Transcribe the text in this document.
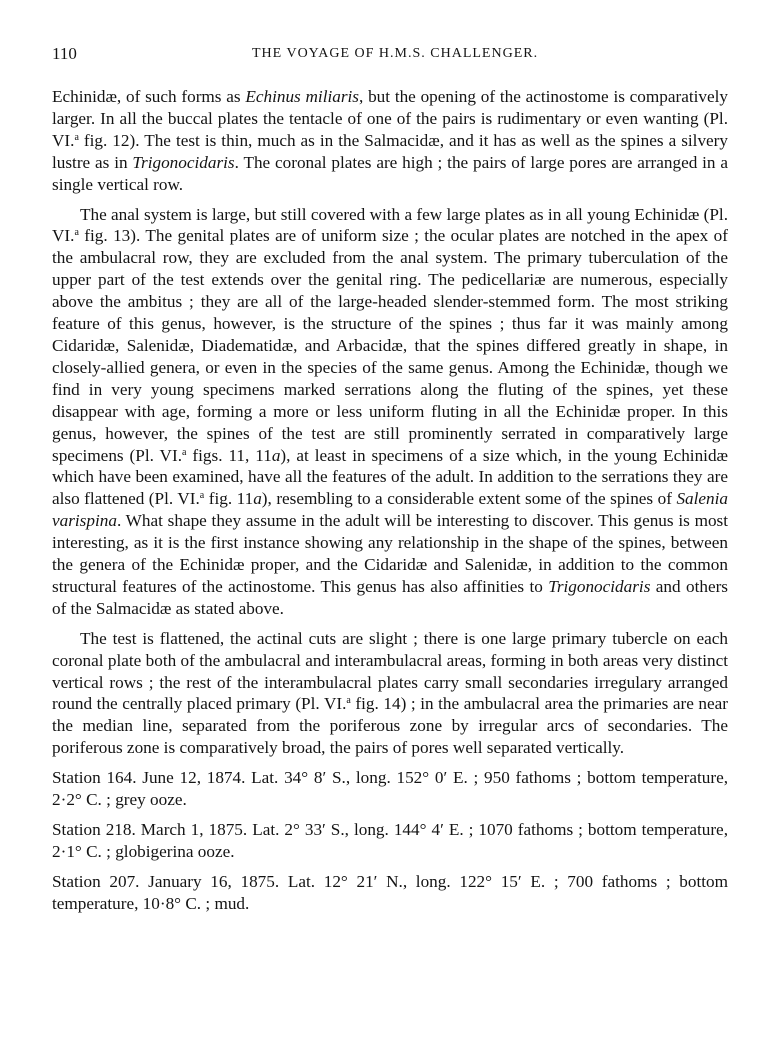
110	THE VOYAGE OF H.M.S. CHALLENGER.

Echinidæ, of such forms as Echinus miliaris, but the opening of the actinostome is comparatively larger. In all the buccal plates the tentacle of one of the pairs is rudimentary or even wanting (Pl. VI.$^a$ fig. 12). The test is thin, much as in the Salmacidæ, and it has as well as the spines a silvery lustre as in Trigonocidaris. The coronal plates are high ; the pairs of large pores are arranged in a single vertical row.

The anal system is large, but still covered with a few large plates as in all young Echinidæ (Pl. VI.$^a$ fig. 13). The genital plates are of uniform size ; the ocular plates are notched in the apex of the ambulacral row, they are excluded from the anal system. The primary tuberculation of the upper part of the test extends over the genital ring. The pedicellariæ are numerous, especially above the ambitus ; they are all of the large-headed slender-stemmed form. The most striking feature of this genus, however, is the structure of the spines ; thus far it was mainly among Cidaridæ, Salenidæ, Diadematidæ, and Arbacidæ, that the spines differed greatly in shape, in closely-allied genera, or even in the species of the same genus. Among the Echinidæ, though we find in very young specimens marked serrations along the fluting of the spines, yet these disappear with age, forming a more or less uniform fluting in all the Echinidæ proper. In this genus, however, the spines of the test are still prominently serrated in comparatively large specimens (Pl. VI.$^a$ figs. 11, 11a), at least in specimens of a size which, in the young Echinidæ which have been examined, have all the features of the adult. In addition to the serrations they are also flattened (Pl. VI.$^a$ fig. 11a), resembling to a considerable extent some of the spines of Salenia varispina. What shape they assume in the adult will be interesting to discover. This genus is most interesting, as it is the first instance showing any relationship in the shape of the spines, between the genera of the Echinidæ proper, and the Cidaridæ and Salenidæ, in addition to the common structural features of the actinostome. This genus has also affinities to Trigonocidaris and others of the Salmacidæ as stated above.

The test is flattened, the actinal cuts are slight ; there is one large primary tubercle on each coronal plate both of the ambulacral and interambulacral areas, forming in both areas very distinct vertical rows ; the rest of the interambulacral plates carry small secondaries irregulary arranged round the centrally placed primary (Pl. VI.$^a$ fig. 14) ; in the ambulacral area the primaries are near the median line, separated from the poriferous zone by irregular arcs of secondaries. The poriferous zone is comparatively broad, the pairs of pores well separated vertically.

Station 164. June 12, 1874. Lat. 34° 8′ S., long. 152° 0′ E. ; 950 fathoms ; bottom temperature, 2·2° C. ; grey ooze.

Station 218. March 1, 1875. Lat. 2° 33′ S., long. 144° 4′ E. ; 1070 fathoms ; bottom temperature, 2·1° C. ; globigerina ooze.

Station 207. January 16, 1875. Lat. 12° 21′ N., long. 122° 15′ E. ; 700 fathoms ; bottom temperature, 10·8° C. ; mud.
